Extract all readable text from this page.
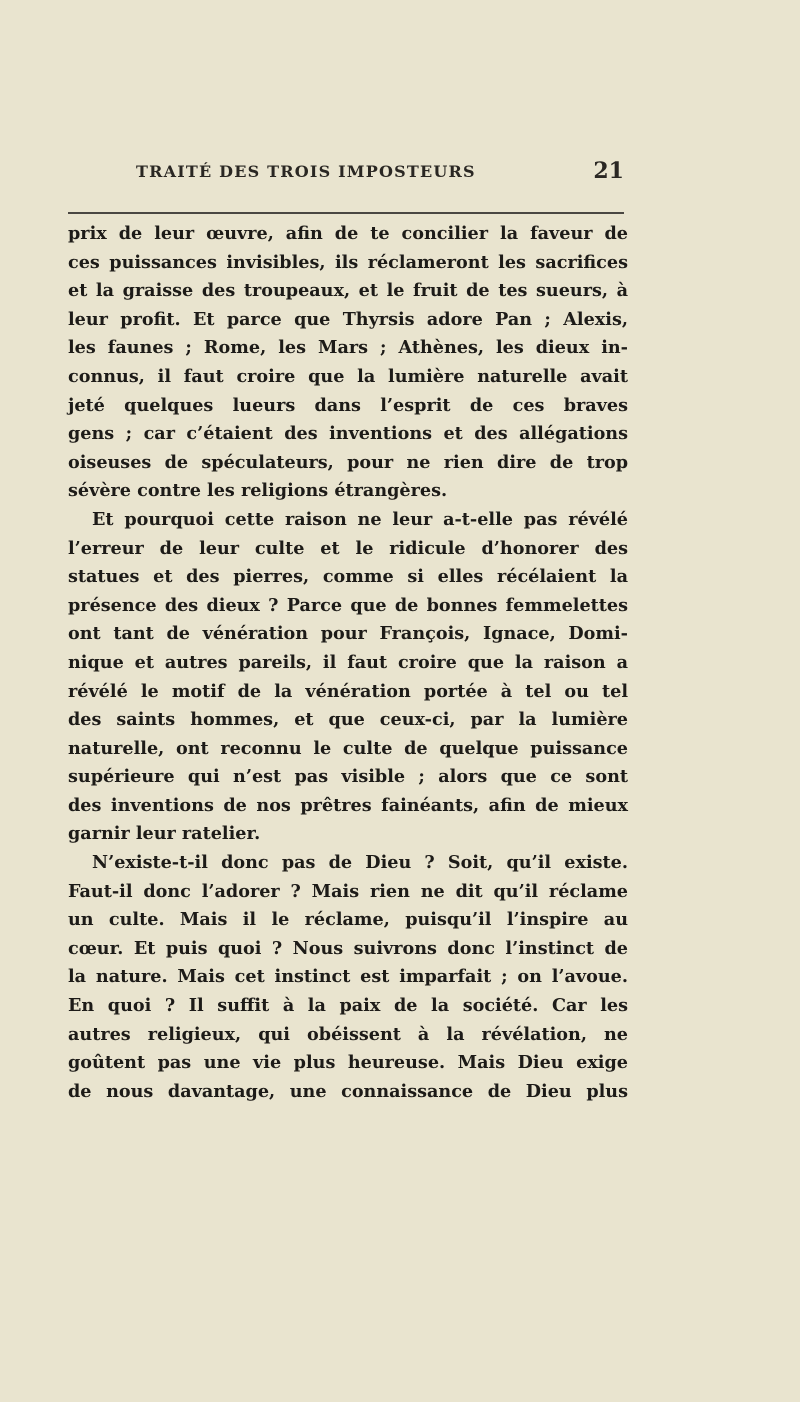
TRAITÉ DES TROIS IMPOSTEURS	21
prix de leur œuvre, afin de te concilier la faveur de
ces puissances invisibles, ils réclameront les sacrifices
et la graisse des troupeaux, et le fruit de tes sueurs, à
leur profit. Et parce que Thyrsis adore Pan ; Alexis,
les faunes ; Rome, les Mars ; Athènes, les dieux in-
connus, il faut croire que la lumière naturelle avait
jeté quelques lueurs dans l’esprit de ces braves
gens ; car c’étaient des inventions et des allégations
oiseuses de spéculateurs, pour ne rien dire de trop
sévère contre les religions étrangères.
Et pourquoi cette raison ne leur a-t-elle pas révélé
l’erreur de leur culte et le ridicule d’honorer des
statues et des pierres, comme si elles récélaient la
présence des dieux ? Parce que de bonnes femmelettes
ont tant de vénération pour François, Ignace, Domi-
nique et autres pareils, il faut croire que la raison a
révélé le motif de la vénération portée à tel ou tel
des saints hommes, et que ceux-ci, par la lumière
naturelle, ont reconnu le culte de quelque puissance
supérieure qui n’est pas visible ; alors que ce sont
des inventions de nos prêtres fainéants, afin de mieux
garnir leur ratelier.
N’existe-t-il donc pas de Dieu ? Soit, qu’il existe.
Faut-il donc l’adorer ? Mais rien ne dit qu’il réclame
un culte. Mais il le réclame, puisqu’il l’inspire au
cœur. Et puis quoi ? Nous suivrons donc l’instinct de
la nature. Mais cet instinct est imparfait ; on l’avoue.
En quoi ? Il suffit à la paix de la société. Car les
autres religieux, qui obéissent à la révélation, ne
goûtent pas une vie plus heureuse. Mais Dieu exige
de nous davantage, une connaissance de Dieu plus
